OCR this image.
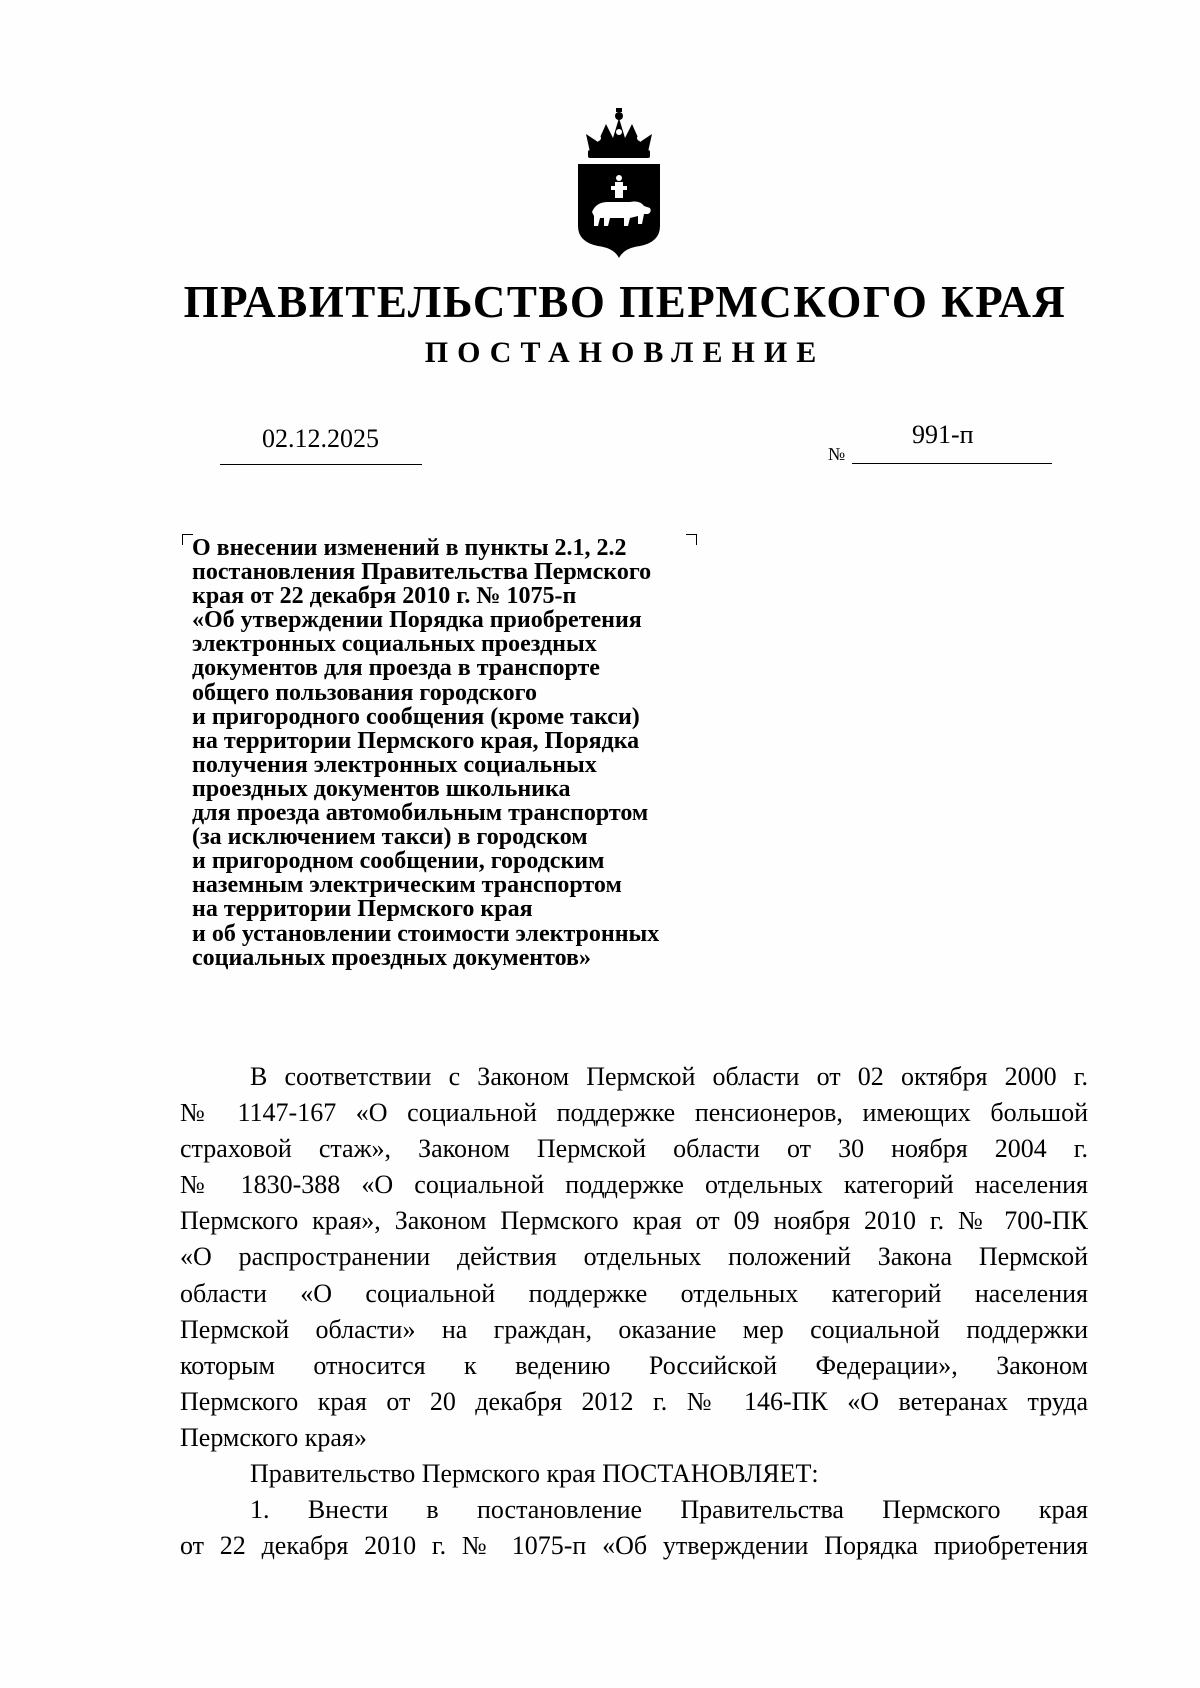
ПРАВИТЕЛЬСТВО ПЕРМСКОГО КРАЯ
ПОСТАНОВЛЕНИЕ
02.12.2025
№
991-п
О внесении изменений в пункты 2.1, 2.2
постановления Правительства Пермского
края от 22 декабря 2010 г. № 1075-п
«Об утверждении Порядка приобретения
электронных социальных проездных
документов для проезда в транспорте
общего пользования городского
и пригородного сообщения (кроме такси)
на территории Пермского края, Порядка
получения электронных социальных
проездных документов школьника
для проезда автомобильным транспортом
(за исключением такси) в городском
и пригородном сообщении, городским
наземным электрическим транспортом
на территории Пермского края
и об установлении стоимости электронных
социальных проездных документов»
В соответствии с Законом Пермской области от 02 октября 2000 г.
№ 1147-167 «О социальной поддержке пенсионеров, имеющих большой
страховой стаж», Законом Пермской области от 30 ноября 2004 г.
№ 1830-388 «О социальной поддержке отдельных категорий населения
Пермского края», Законом Пермского края от 09 ноября 2010 г. № 700-ПК
«О распространении действия отдельных положений Закона Пермской
области «О социальной поддержке отдельных категорий населения
Пермской области» на граждан, оказание мер социальной поддержки
которым относится к ведению Российской Федерации», Законом
Пермского края от 20 декабря 2012 г. № 146-ПК «О ветеранах труда
Пермского края»
Правительство Пермского края ПОСТАНОВЛЯЕТ:
1. Внести в постановление Правительства Пермского края
от 22 декабря 2010 г. № 1075-п «Об утверждении Порядка приобретения
